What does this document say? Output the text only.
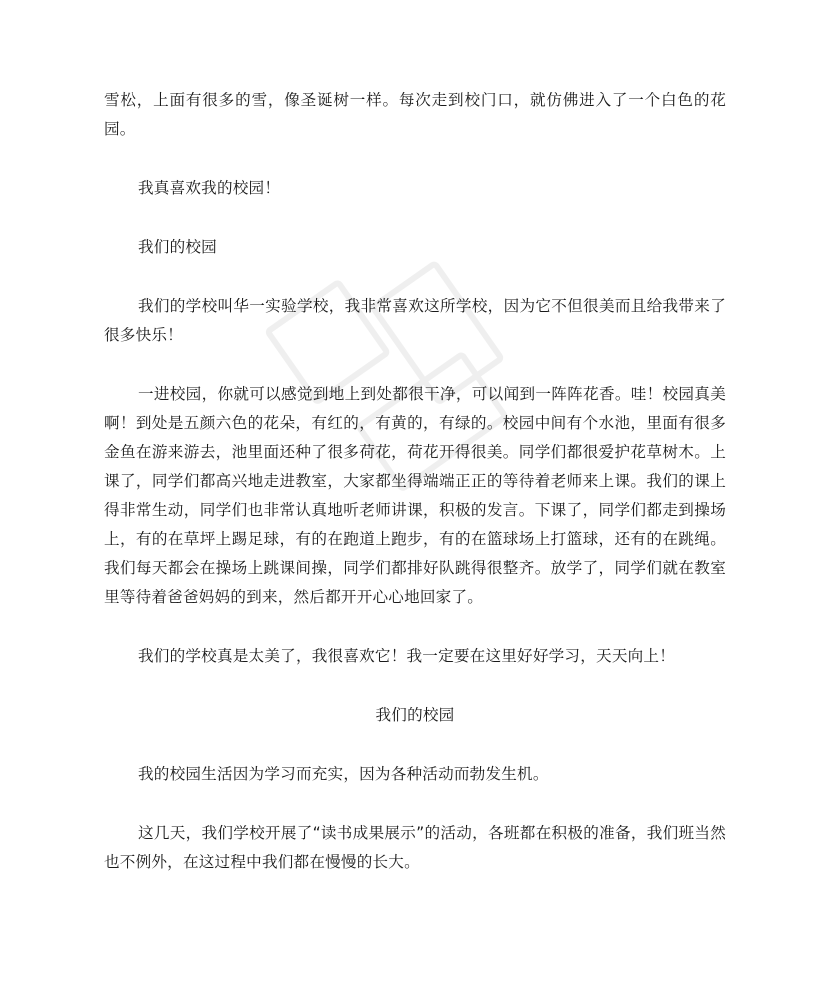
雪松，上面有很多的雪，像圣诞树一样。每次走到校门口，就仿佛进入了一个白色的花园。

我真喜欢我的校园！

我们的校园

我们的学校叫华一实验学校，我非常喜欢这所学校，因为它不但很美而且给我带来了很多快乐！

一进校园，你就可以感觉到地上到处都很干净，可以闻到一阵阵花香。哇！校园真美啊！到处是五颜六色的花朵，有红的，有黄的，有绿的。校园中间有个水池，里面有很多金鱼在游来游去，池里面还种了很多荷花，荷花开得很美。同学们都很爱护花草树木。上课了，同学们都高兴地走进教室，大家都坐得端端正正的等待着老师来上课。我们的课上得非常生动，同学们也非常认真地听老师讲课，积极的发言。下课了，同学们都走到操场上，有的在草坪上踢足球，有的在跑道上跑步，有的在篮球场上打篮球，还有的在跳绳。我们每天都会在操场上跳课间操，同学们都排好队跳得很整齐。放学了，同学们就在教室里等待着爸爸妈妈的到来，然后都开开心心地回家了。

我们的学校真是太美了，我很喜欢它！我一定要在这里好好学习，天天向上！

我们的校园

我的校园生活因为学习而充实，因为各种活动而勃发生机。

这几天，我们学校开展了“读书成果展示”的活动，各班都在积极的准备，我们班当然也不例外，在这过程中我们都在慢慢的长大。
